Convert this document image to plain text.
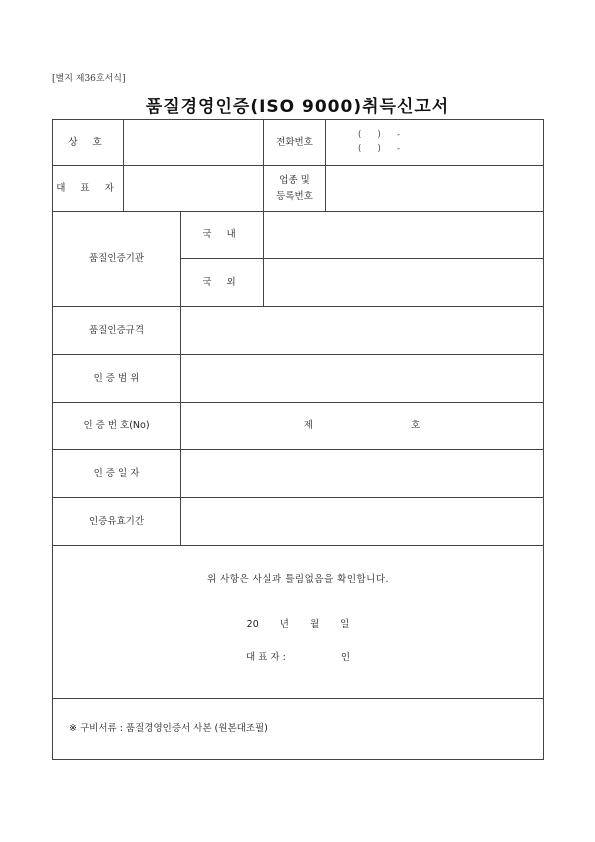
[별지 제36호서식]
품질경영인증(ISO 9000)취득신고서
상 호			전화번호	(      )      -
(      )      -

대 표 자			업종 및
등록번호	

품질인증기관		국 내		
		국 외		
품질인증규격				
인 증 범 위				
인 증 번 호(No)		제 호		
인 증 일 자				
인증유효기간				

위 사항은 사실과 틀림없음을 확인합니다.
20 년 월 일
대 표 자 : 인				

※ 구비서류 : 품질경영인증서 사본 (원본대조필)				
